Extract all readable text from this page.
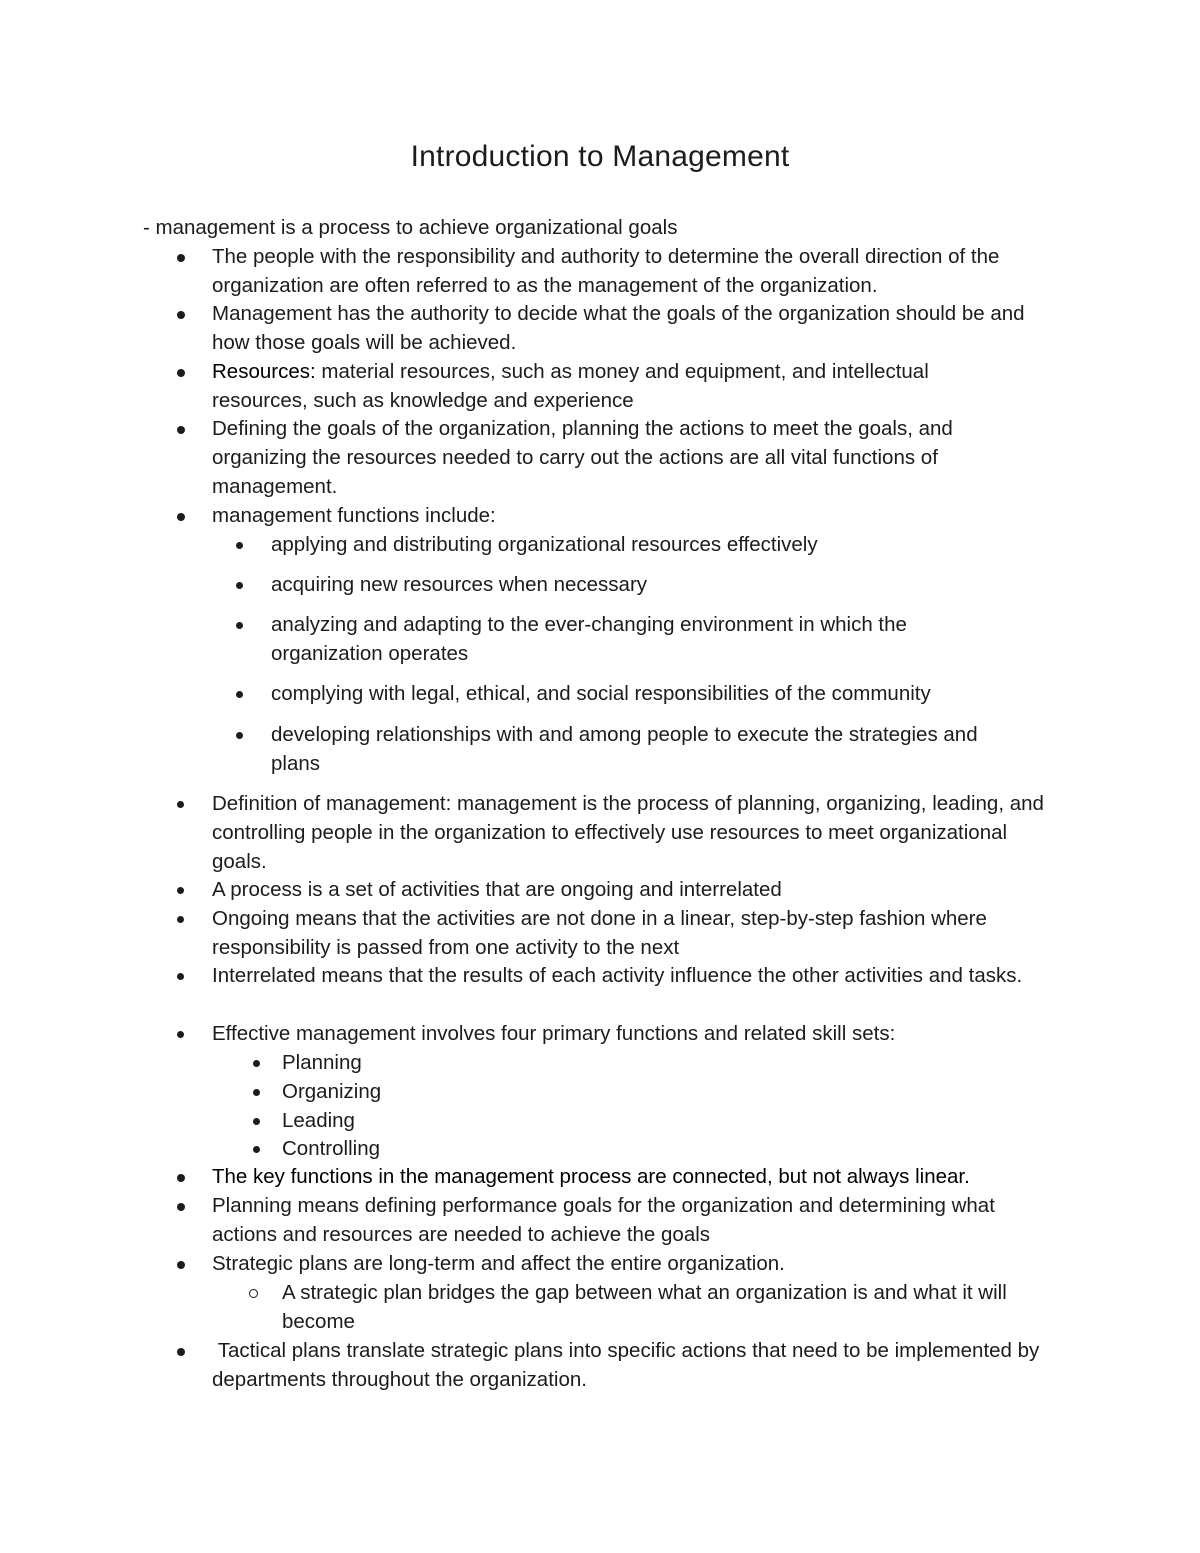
Introduction to Management

- management is a process to achieve organizational goals

The people with the responsibility and authority to determine the overall direction of the organization are often referred to as the management of the organization.
Management has the authority to decide what the goals of the organization should be and how those goals will be achieved.
Resources: material resources, such as money and equipment, and intellectual resources, such as knowledge and experience
Defining the goals of the organization, planning the actions to meet the goals, and organizing the resources needed to carry out the actions are all vital functions of management.
management functions include:
applying and distributing organizational resources effectively
acquiring new resources when necessary
analyzing and adapting to the ever-changing environment in which the organization operates
complying with legal, ethical, and social responsibilities of the community
developing relationships with and among people to execute the strategies and plans
Definition of management: management is the process of planning, organizing, leading, and controlling people in the organization to effectively use resources to meet organizational goals.
A process is a set of activities that are ongoing and interrelated
Ongoing means that the activities are not done in a linear, step-by-step fashion where responsibility is passed from one activity to the next
Interrelated means that the results of each activity influence the other activities and tasks.
Effective management involves four primary functions and related skill sets:
Planning
Organizing
Leading
Controlling
The key functions in the management process are connected, but not always linear.
Planning means defining performance goals for the organization and determining what actions and resources are needed to achieve the goals
Strategic plans are long-term and affect the entire organization.
A strategic plan bridges the gap between what an organization is and what it will become
Tactical plans translate strategic plans into specific actions that need to be implemented by departments throughout the organization.
